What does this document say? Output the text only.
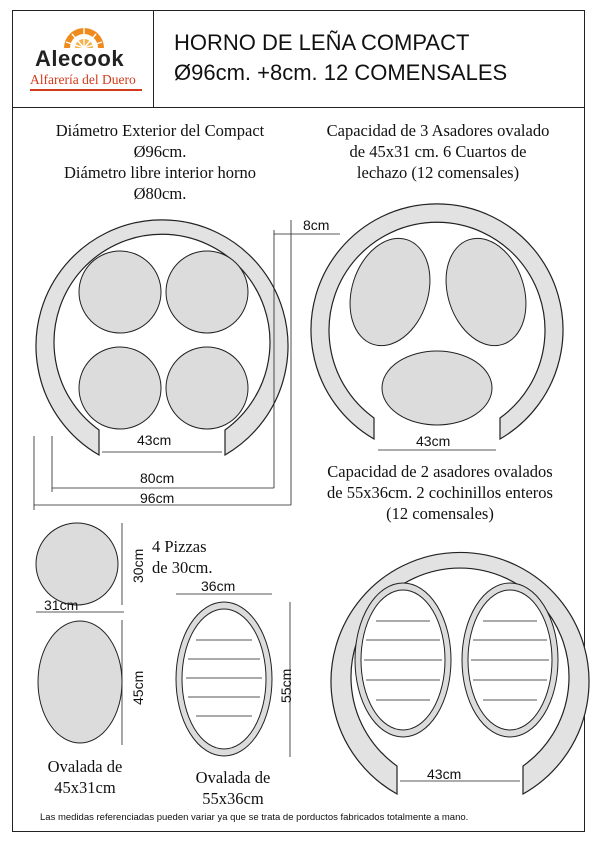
8cm
43cm
80cm
96cm
43cm
30cm
31cm
45cm
36cm
55cm
43cm
Alecook
Alfarería del Duero
HORNO DE LEÑA COMPACT
Ø96cm. +8cm. 12 COMENSALES
Diámetro Exterior del Compact
Ø96cm.
Diámetro libre interior horno
Ø80cm.
Capacidad de 3 Asadores ovalado
de 45x31 cm. 6 Cuartos de
lechazo (12 comensales)
Capacidad de 2 asadores ovalados
de 55x36cm. 2 cochinillos enteros
(12 comensales)
4 Pizzas
de 30cm.
Ovalada de
45x31cm
Ovalada de
55x36cm
Las medidas referenciadas pueden variar ya que se trata de porductos fabricados totalmente a mano.
